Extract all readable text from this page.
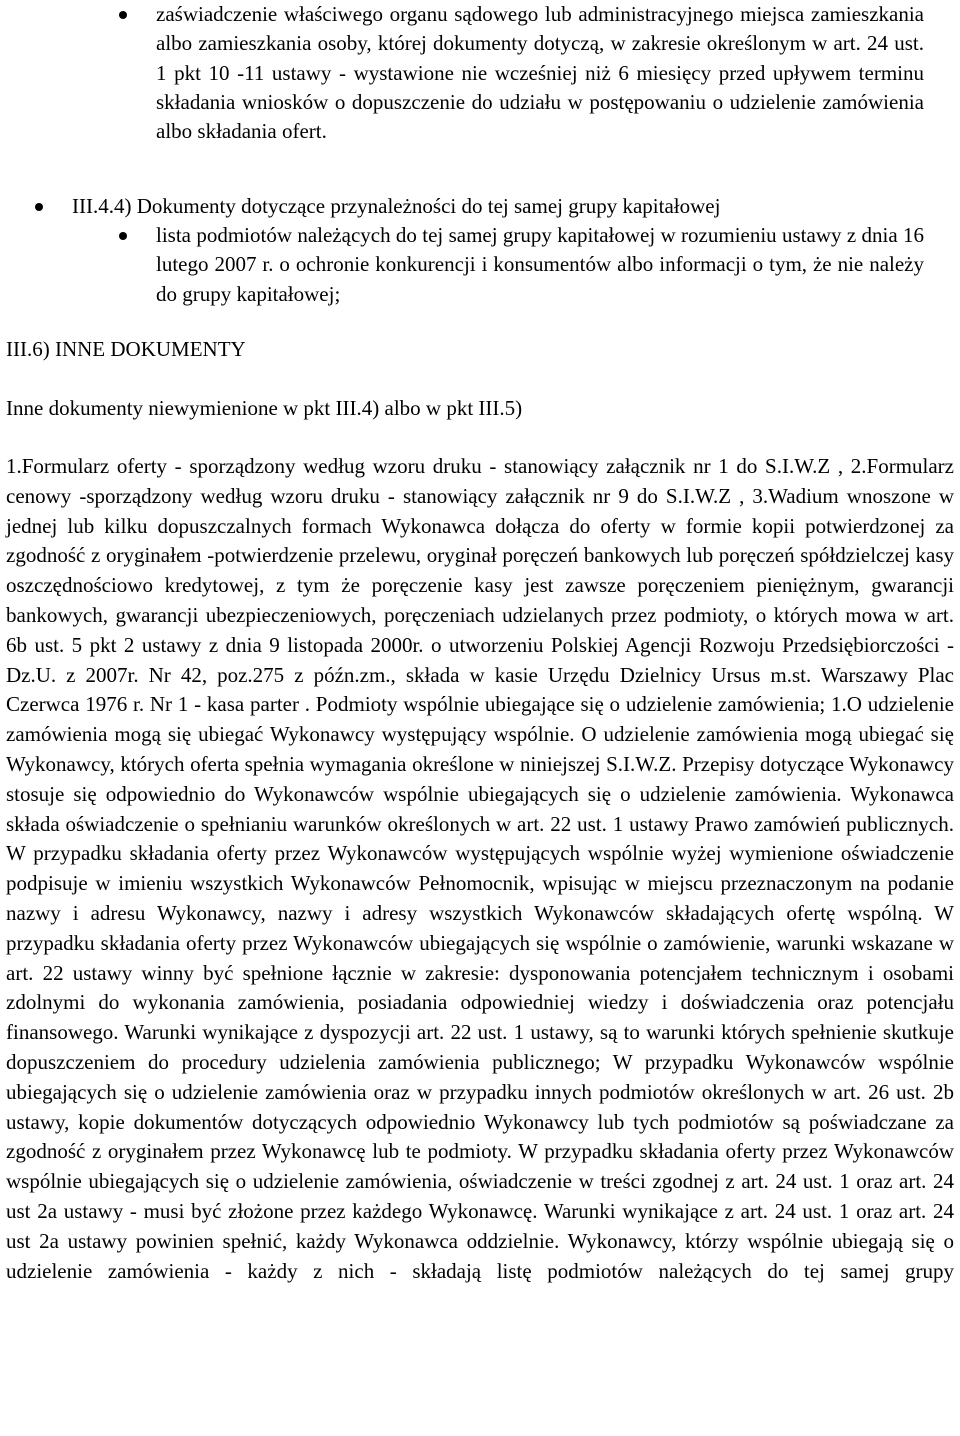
zaświadczenie właściwego organu sądowego lub administracyjnego miejsca zamieszkania albo zamieszkania osoby, której dokumenty dotyczą, w zakresie określonym w art. 24 ust. 1 pkt 10 -11 ustawy - wystawione nie wcześniej niż 6 miesięcy przed upływem terminu składania wniosków o dopuszczenie do udziału w postępowaniu o udzielenie zamówienia albo składania ofert.
III.4.4) Dokumenty dotyczące przynależności do tej samej grupy kapitałowej
lista podmiotów należących do tej samej grupy kapitałowej w rozumieniu ustawy z dnia 16 lutego 2007 r. o ochronie konkurencji i konsumentów albo informacji o tym, że nie należy do grupy kapitałowej;
III.6) INNE DOKUMENTY
Inne dokumenty niewymienione w pkt III.4) albo w pkt III.5)
1.Formularz oferty - sporządzony według wzoru druku - stanowiący załącznik nr 1 do S.I.W.Z , 2.Formularz cenowy -sporządzony według wzoru druku - stanowiący załącznik nr 9 do S.I.W.Z , 3.Wadium wnoszone w jednej lub kilku dopuszczalnych formach Wykonawca dołącza do oferty w formie kopii potwierdzonej za zgodność z oryginałem -potwierdzenie przelewu, oryginał poręczeń bankowych lub poręczeń spółdzielczej kasy oszczędnościowo kredytowej, z tym że poręczenie kasy jest zawsze poręczeniem pieniężnym, gwarancji bankowych, gwarancji ubezpieczeniowych, poręczeniach udzielanych przez podmioty, o których mowa w art. 6b ust. 5 pkt 2 ustawy z dnia 9 listopada 2000r. o utworzeniu Polskiej Agencji Rozwoju Przedsiębiorczości -Dz.U. z 2007r. Nr 42, poz.275 z późn.zm., składa w kasie Urzędu Dzielnicy Ursus m.st. Warszawy Plac Czerwca 1976 r. Nr 1 - kasa parter . Podmioty wspólnie ubiegające się o udzielenie zamówienia; 1.O udzielenie zamówienia mogą się ubiegać Wykonawcy występujący wspólnie. O udzielenie zamówienia mogą ubiegać się Wykonawcy, których oferta spełnia wymagania określone w niniejszej S.I.W.Z. Przepisy dotyczące Wykonawcy stosuje się odpowiednio do Wykonawców wspólnie ubiegających się o udzielenie zamówienia. Wykonawca składa oświadczenie o spełnianiu warunków określonych w art. 22 ust. 1 ustawy Prawo zamówień publicznych. W przypadku składania oferty przez Wykonawców występujących wspólnie wyżej wymienione oświadczenie podpisuje w imieniu wszystkich Wykonawców Pełnomocnik, wpisując w miejscu przeznaczonym na podanie nazwy i adresu Wykonawcy, nazwy i adresy wszystkich Wykonawców składających ofertę wspólną. W przypadku składania oferty przez Wykonawców ubiegających się wspólnie o zamówienie, warunki wskazane w art. 22 ustawy winny być spełnione łącznie w zakresie: dysponowania potencjałem technicznym i osobami zdolnymi do wykonania zamówienia, posiadania odpowiedniej wiedzy i doświadczenia oraz potencjału finansowego. Warunki wynikające z dyspozycji art. 22 ust. 1 ustawy, są to warunki których spełnienie skutkuje dopuszczeniem do procedury udzielenia zamówienia publicznego; W przypadku Wykonawców wspólnie ubiegających się o udzielenie zamówienia oraz w przypadku innych podmiotów określonych w art. 26 ust. 2b ustawy, kopie dokumentów dotyczących odpowiednio Wykonawcy lub tych podmiotów są poświadczane za zgodność z oryginałem przez Wykonawcę lub te podmioty. W przypadku składania oferty przez Wykonawców wspólnie ubiegających się o udzielenie zamówienia, oświadczenie w treści zgodnej z art. 24 ust. 1 oraz art. 24 ust 2a ustawy - musi być złożone przez każdego Wykonawcę. Warunki wynikające z art. 24 ust. 1 oraz art. 24 ust 2a ustawy powinien spełnić, każdy Wykonawca oddzielnie. Wykonawcy, którzy wspólnie ubiegają się o udzielenie zamówienia - każdy z nich - składają listę podmiotów należących do tej samej grupy
